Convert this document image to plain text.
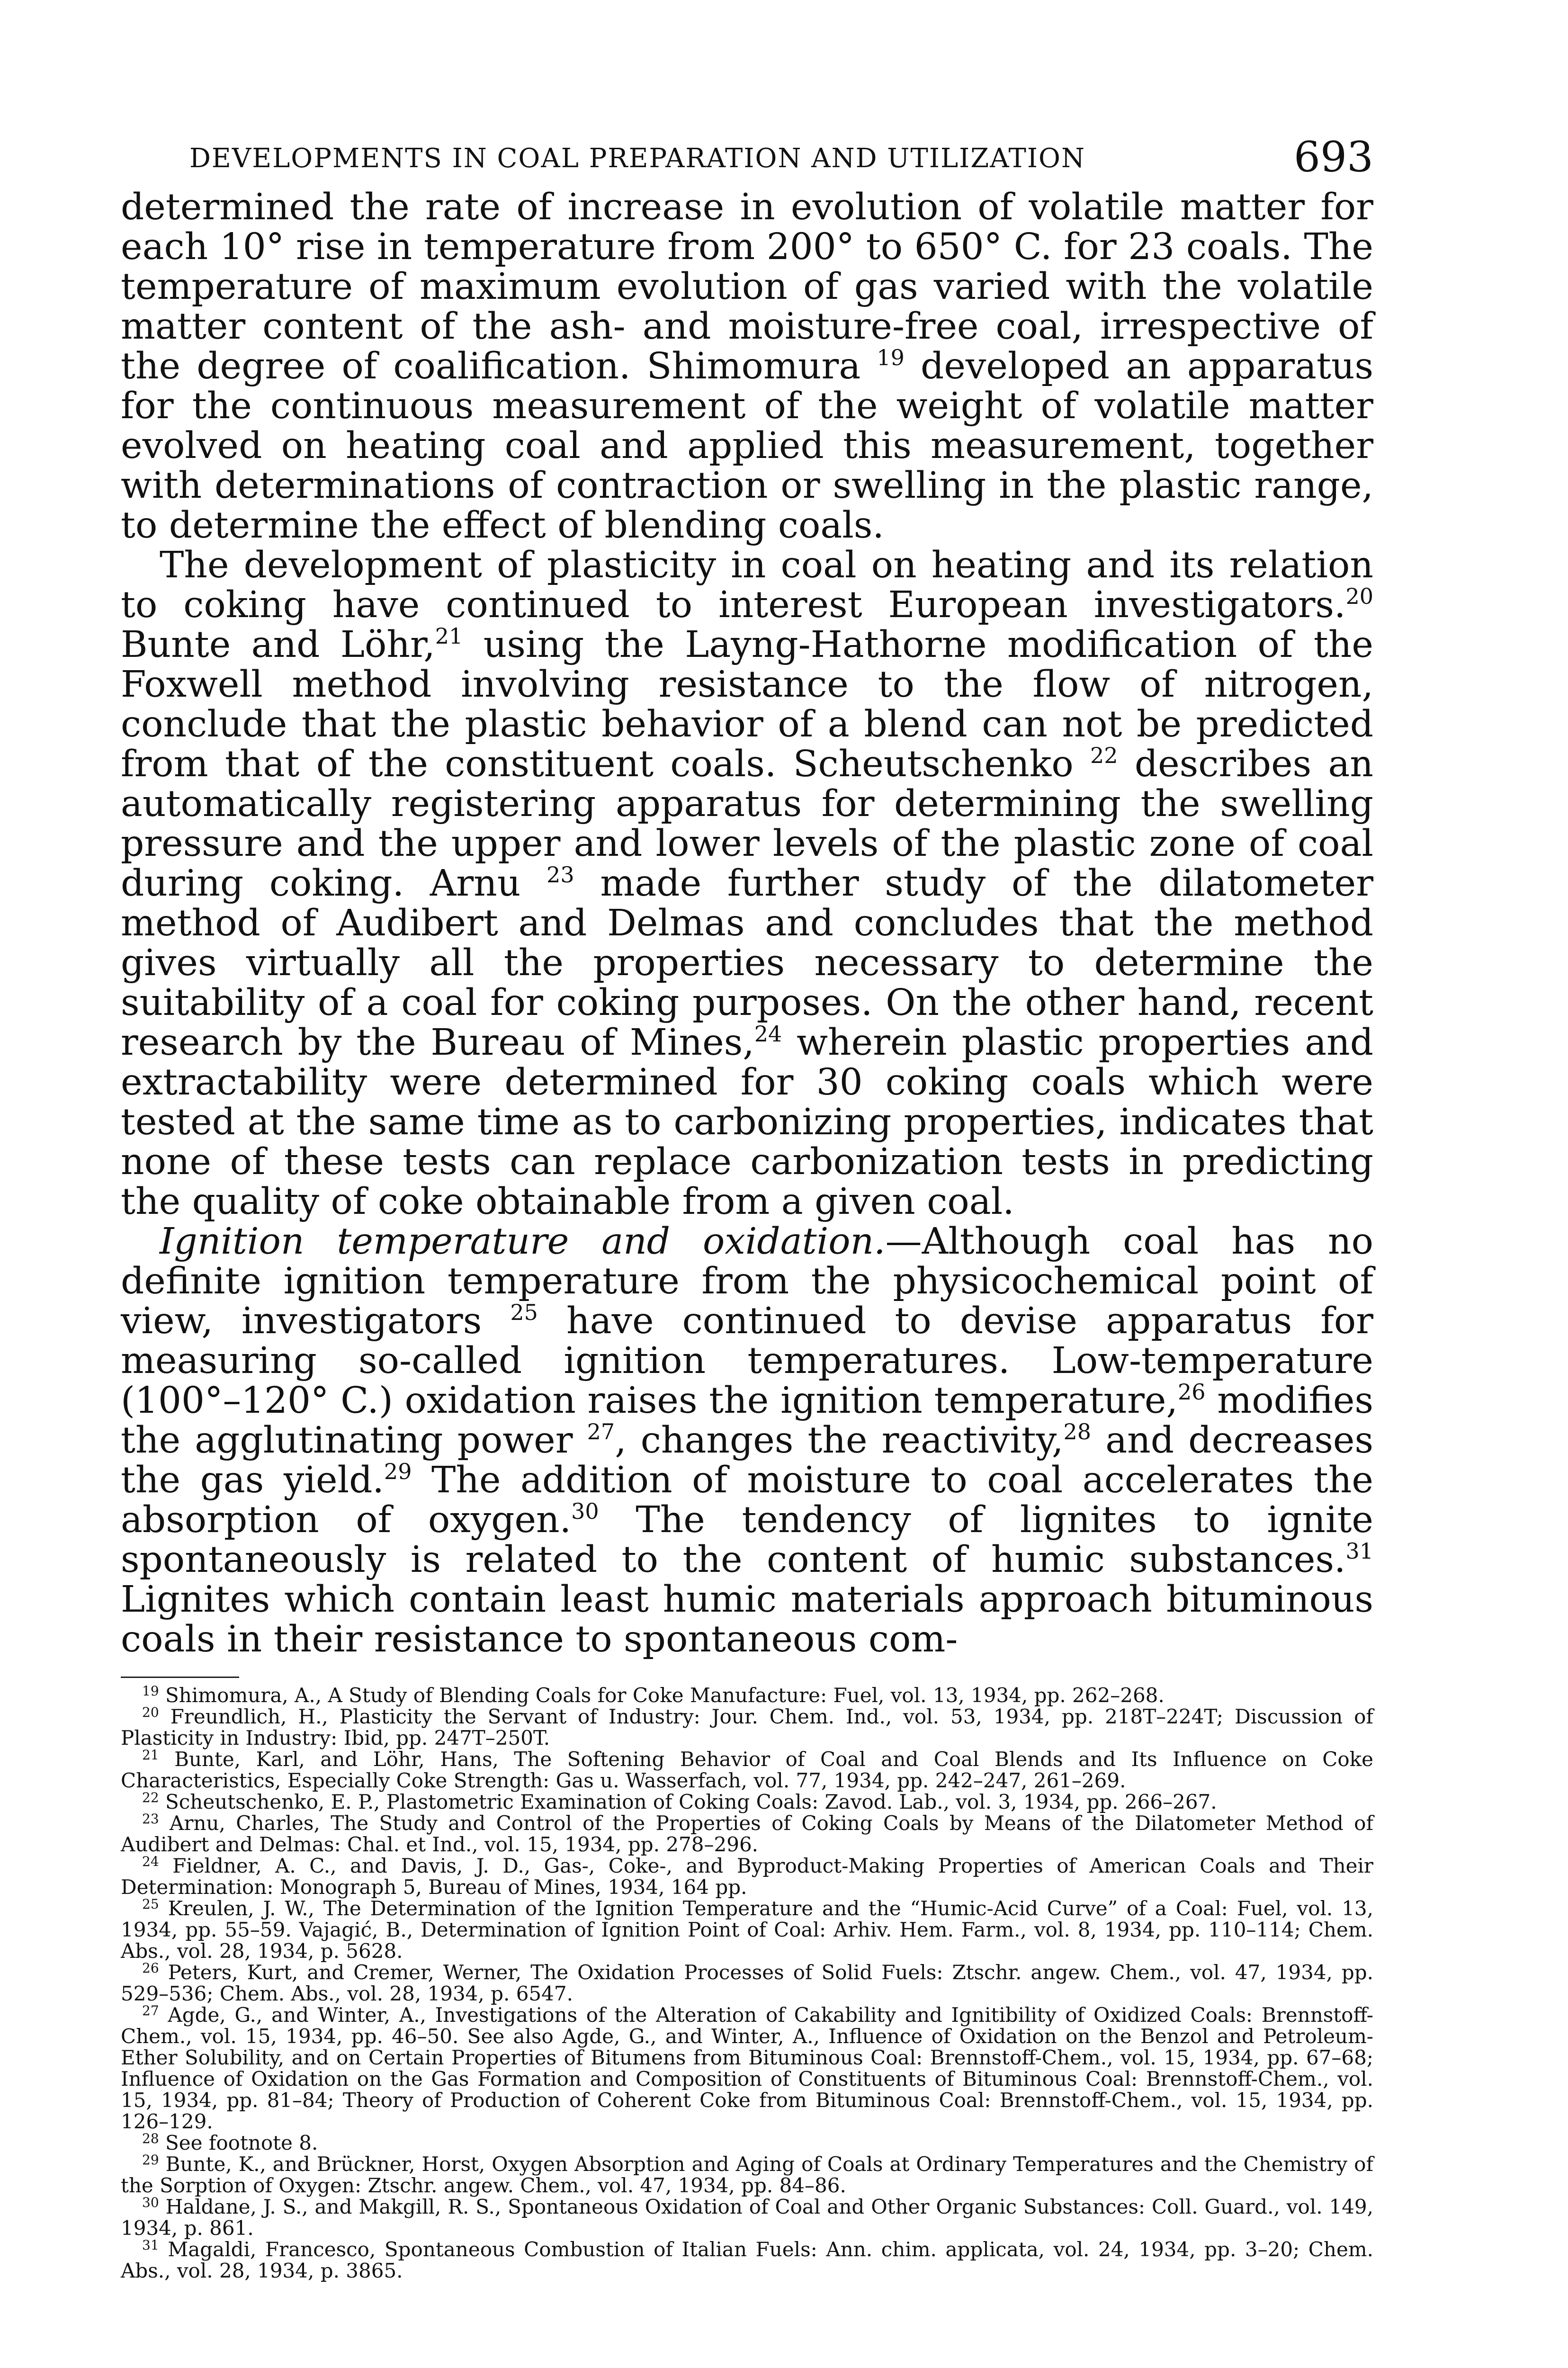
DEVELOPMENTS IN COAL PREPARATION AND UTILIZATION	693

determined the rate of increase in evolution of volatile matter for each 10° rise in temperature from 200° to 650° C. for 23 coals. The temperature of maximum evolution of gas varied with the volatile matter content of the ash- and moisture-free coal, irrespective of the degree of coalification. Shimomura $^{19}$ developed an apparatus for the continuous measurement of the weight of volatile matter evolved on heating coal and applied this measurement, together with determinations of contraction or swelling in the plastic range, to determine the effect of blending coals.

The development of plasticity in coal on heating and its relation to coking have continued to interest European investigators.$^{20}$ Bunte and Löhr,$^{21}$ using the Layng-Hathorne modification of the Foxwell method involving resistance to the flow of nitrogen, conclude that the plastic behavior of a blend can not be predicted from that of the constituent coals. Scheutschenko $^{22}$ describes an automatically registering apparatus for determining the swelling pressure and the upper and lower levels of the plastic zone of coal during coking. Arnu $^{23}$ made further study of the dilatometer method of Audibert and Delmas and concludes that the method gives virtually all the properties necessary to determine the suitability of a coal for coking purposes. On the other hand, recent research by the Bureau of Mines,$^{24}$ wherein plastic properties and extractability were determined for 30 coking coals which were tested at the same time as to carbonizing properties, indicates that none of these tests can replace carbonization tests in predicting the quality of coke obtainable from a given coal.

Ignition temperature and oxidation.—Although coal has no definite ignition temperature from the physicochemical point of view, investigators $^{25}$ have continued to devise apparatus for measuring so-called ignition temperatures. Low-temperature (100°–120° C.) oxidation raises the ignition temperature,$^{26}$ modifies the agglutinating power $^{27}$, changes the reactivity,$^{28}$ and decreases the gas yield.$^{29}$ The addition of moisture to coal accelerates the absorption of oxygen.$^{30}$ The tendency of lignites to ignite spontaneously is related to the content of humic substances.$^{31}$ Lignites which contain least humic materials approach bituminous coals in their resistance to spontaneous com-

$^{19}$ Shimomura, A., A Study of Blending Coals for Coke Manufacture: Fuel, vol. 13, 1934, pp. 262–268.

$^{20}$ Freundlich, H., Plasticity the Servant of Industry: Jour. Chem. Ind., vol. 53, 1934, pp. 218T–224T; Discussion of Plasticity in Industry: Ibid, pp. 247T–250T.

$^{21}$ Bunte, Karl, and Löhr, Hans, The Softening Behavior of Coal and Coal Blends and Its Influence on Coke Characteristics, Especially Coke Strength: Gas u. Wasserfach, vol. 77, 1934, pp. 242–247, 261–269.

$^{22}$ Scheutschenko, E. P., Plastometric Examination of Coking Coals: Zavod. Lab., vol. 3, 1934, pp. 266–267.

$^{23}$ Arnu, Charles, The Study and Control of the Properties of Coking Coals by Means of the Dilatometer Method of Audibert and Delmas: Chal. et Ind., vol. 15, 1934, pp. 278–296.

$^{24}$ Fieldner, A. C., and Davis, J. D., Gas-, Coke-, and Byproduct-Making Properties of American Coals and Their Determination: Monograph 5, Bureau of Mines, 1934, 164 pp.

$^{25}$ Kreulen, J. W., The Determination of the Ignition Temperature and the “Humic-Acid Curve” of a Coal: Fuel, vol. 13, 1934, pp. 55–59. Vajagić, B., Determination of Ignition Point of Coal: Arhiv. Hem. Farm., vol. 8, 1934, pp. 110–114; Chem. Abs., vol. 28, 1934, p. 5628.

$^{26}$ Peters, Kurt, and Cremer, Werner, The Oxidation Processes of Solid Fuels: Ztschr. angew. Chem., vol. 47, 1934, pp. 529–536; Chem. Abs., vol. 28, 1934, p. 6547.

$^{27}$ Agde, G., and Winter, A., Investigations of the Alteration of Cakability and Ignitibility of Oxidized Coals: Brennstoff-Chem., vol. 15, 1934, pp. 46–50. See also Agde, G., and Winter, A., Influence of Oxidation on the Benzol and Petroleum-Ether Solubility, and on Certain Properties of Bitumens from Bituminous Coal: Brennstoff-Chem., vol. 15, 1934, pp. 67–68; Influence of Oxidation on the Gas Formation and Composition of Constituents of Bituminous Coal: Brennstoff-Chem., vol. 15, 1934, pp. 81–84; Theory of Production of Coherent Coke from Bituminous Coal: Brennstoff-Chem., vol. 15, 1934, pp. 126–129.

$^{28}$ See footnote 8.

$^{29}$ Bunte, K., and Brückner, Horst, Oxygen Absorption and Aging of Coals at Ordinary Temperatures and the Chemistry of the Sorption of Oxygen: Ztschr. angew. Chem., vol. 47, 1934, pp. 84–86.

$^{30}$ Haldane, J. S., and Makgill, R. S., Spontaneous Oxidation of Coal and Other Organic Substances: Coll. Guard., vol. 149, 1934, p. 861.

$^{31}$ Magaldi, Francesco, Spontaneous Combustion of Italian Fuels: Ann. chim. applicata, vol. 24, 1934, pp. 3–20; Chem. Abs., vol. 28, 1934, p. 3865.
